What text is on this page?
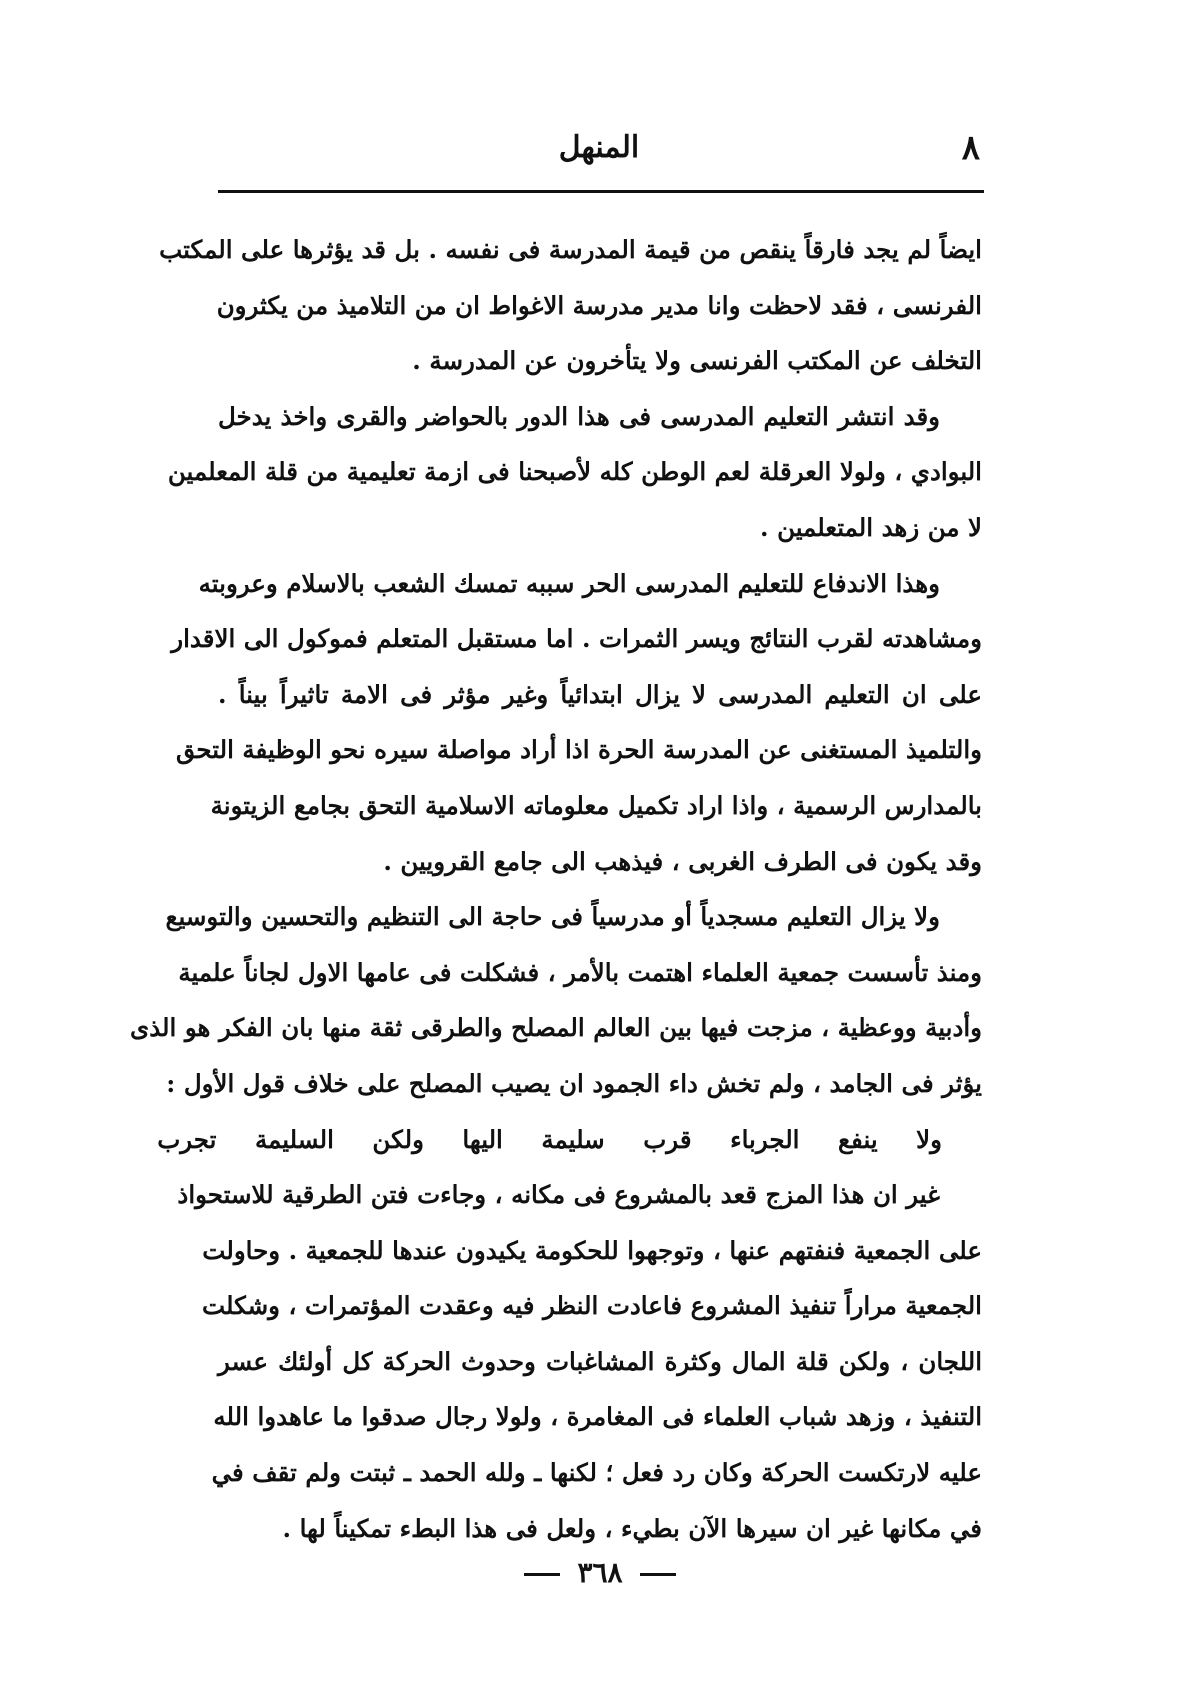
٨
المنهل
ايضاً لم يجد فارقاً ينقص من قيمة المدرسة فى نفسه . بل قد يؤثرها على المكتب
الفرنسى ، فقد لاحظت وانا مدير مدرسة الاغواط ان من التلاميذ من يكثرون
التخلف عن المكتب الفرنسى ولا يتأخرون عن المدرسة .
وقد انتشر التعليم المدرسى فى هذا الدور بالحواضر والقرى واخذ يدخل
البوادي ، ولولا العرقلة لعم الوطن كله لأصبحنا فى ازمة تعليمية من قلة المعلمين
لا من زهد المتعلمين .
وهذا الاندفاع للتعليم المدرسى الحر سببه تمسك الشعب بالاسلام وعروبته
ومشاهدته لقرب النتائج ويسر الثمرات . اما مستقبل المتعلم فموكول الى الاقدار
على ان التعليم المدرسى لا يزال ابتدائياً وغير مؤثر فى الامة تاثيراً بيناً .
والتلميذ المستغنى عن المدرسة الحرة اذا أراد مواصلة سيره نحو الوظيفة التحق
بالمدارس الرسمية ، واذا اراد تكميل معلوماته الاسلامية التحق بجامع الزيتونة
وقد يكون فى الطرف الغربى ، فيذهب الى جامع القرويين .
ولا يزال التعليم مسجدياً أو مدرسياً فى حاجة الى التنظيم والتحسين والتوسيع
ومنذ تأسست جمعية العلماء اهتمت بالأمر ، فشكلت فى عامها الاول لجاناً علمية
وأدبية ووعظية ، مزجت فيها بين العالم المصلح والطرقى ثقة منها بان الفكر هو الذى
يؤثر فى الجامد ، ولم تخش داء الجمود ان يصيب المصلح على خلاف قول الأول :
ولا ينفع الجرباء قرب سليمة اليها ولكن السليمة تجرب
غير ان هذا المزج قعد بالمشروع فى مكانه ، وجاءت فتن الطرقية للاستحواذ
على الجمعية فنفتهم عنها ، وتوجهوا للحكومة يكيدون عندها للجمعية . وحاولت
الجمعية مراراً تنفيذ المشروع فاعادت النظر فيه وعقدت المؤتمرات ، وشكلت
اللجان ، ولكن قلة المال وكثرة المشاغبات وحدوث الحركة كل أولئك عسر
التنفيذ ، وزهد شباب العلماء فى المغامرة ، ولولا رجال صدقوا ما عاهدوا الله
عليه لارتكست الحركة وكان رد فعل ؛ لكنها ـ ولله الحمد ـ ثبتت ولم تقف في
في مكانها غير ان سيرها الآن بطيء ، ولعل فى هذا البطء تمكيناً لها .
٣٦٨
